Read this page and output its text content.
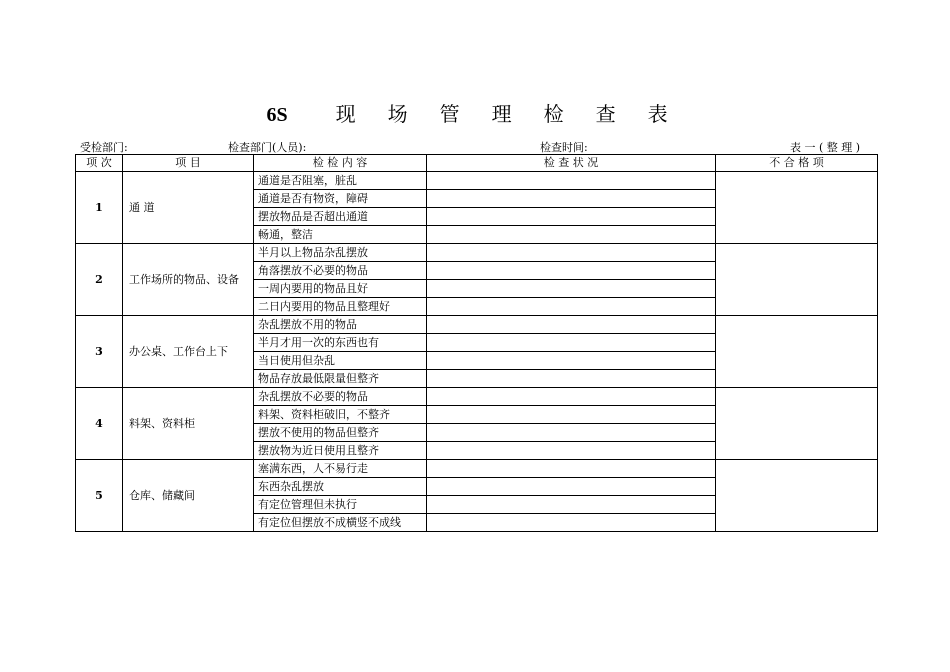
6S 现 场 管 理 检 查 表
受检部门:	检查部门(人员):	检查时间:	表 一 ( 整 理 )
项 次	项 目	检 检 内 容	检 查 状 况	不 合 格 项
1	通 道	通道是否阻塞，脏乱		
		通道是否有物资，障碍		
		摆放物品是否超出通道		
		畅通，整洁		
2	工作场所的物品、设备	半月以上物品杂乱摆放		
		角落摆放不必要的物品		
		一周内要用的物品且好		
		二日内要用的物品且整理好		
3	办公桌、工作台上下	杂乱摆放不用的物品		
		半月才用一次的东西也有		
		当日使用但杂乱		
		物品存放最低限量但整齐		
4	料架、资料柜	杂乱摆放不必要的物品		
		料架、资料柜破旧，不整齐		
		摆放不使用的物品但整齐		
		摆放物为近日使用且整齐		
5	仓库、储藏间	塞满东西，人不易行走		
		东西杂乱摆放		
		有定位管理但未执行		
		有定位但摆放不成横竖不成线		
